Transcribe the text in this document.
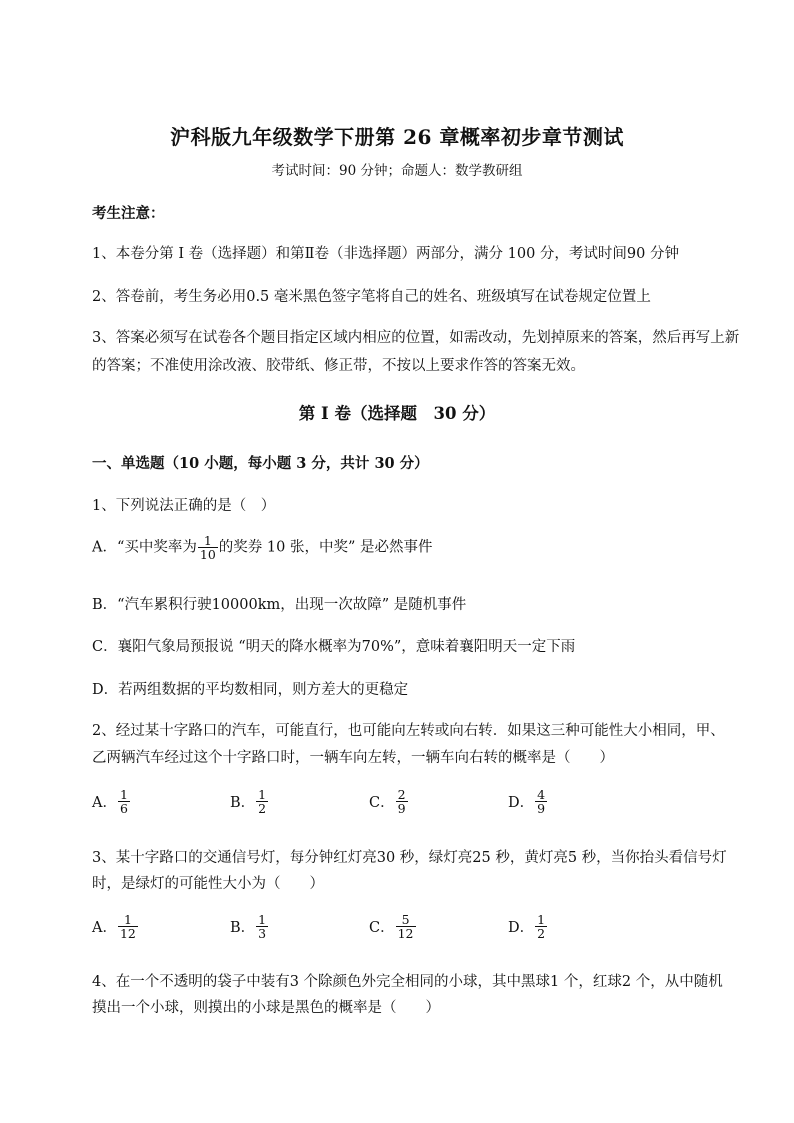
沪科版九年级数学下册第 26 章概率初步章节测试
考试时间：90 分钟；命题人：数学教研组
考生注意：
1、本卷分第 I 卷（选择题）和第Ⅱ卷（非选择题）两部分，满分 100 分，考试时间90 分钟
2、答卷前，考生务必用0.5 毫米黑色签字笔将自己的姓名、班级填写在试卷规定位置上
3、答案必须写在试卷各个题目指定区域内相应的位置，如需改动，先划掉原来的答案，然后再写上新
的答案；不准使用涂改液、胶带纸、修正带，不按以上要求作答的答案无效。
第 I 卷（选择题　30 分）
一、单选题（10 小题，每小题 3 分，共计 30 分）
1、下列说法正确的是（　）
A．“买中奖率为 $\frac{1}{10}$ 的奖券 10 张，中奖” 是必然事件
B．“汽车累积行驶10000km，出现一次故障” 是随机事件
C．襄阳气象局预报说 “明天的降水概率为70%”，意味着襄阳明天一定下雨
D．若两组数据的平均数相同，则方差大的更稳定
2、经过某十字路口的汽车，可能直行，也可能向左转或向右转．如果这三种可能性大小相同，甲、
乙两辆汽车经过这个十字路口时，一辆车向左转，一辆车向右转的概率是（　　）
A． $\frac{1}{6}$	B． $\frac{1}{2}$	C． $\frac{2}{9}$	D． $\frac{4}{9}$
3、某十字路口的交通信号灯，每分钟红灯亮30 秒，绿灯亮25 秒，黄灯亮5 秒，当你抬头看信号灯
时，是绿灯的可能性大小为（　　）
A． $\frac{1}{12}$	B． $\frac{1}{3}$	C． $\frac{5}{12}$	D． $\frac{1}{2}$
4、在一个不透明的袋子中装有3 个除颜色外完全相同的小球，其中黑球1 个，红球2 个，从中随机
摸出一个小球，则摸出的小球是黑色的概率是（　　）
